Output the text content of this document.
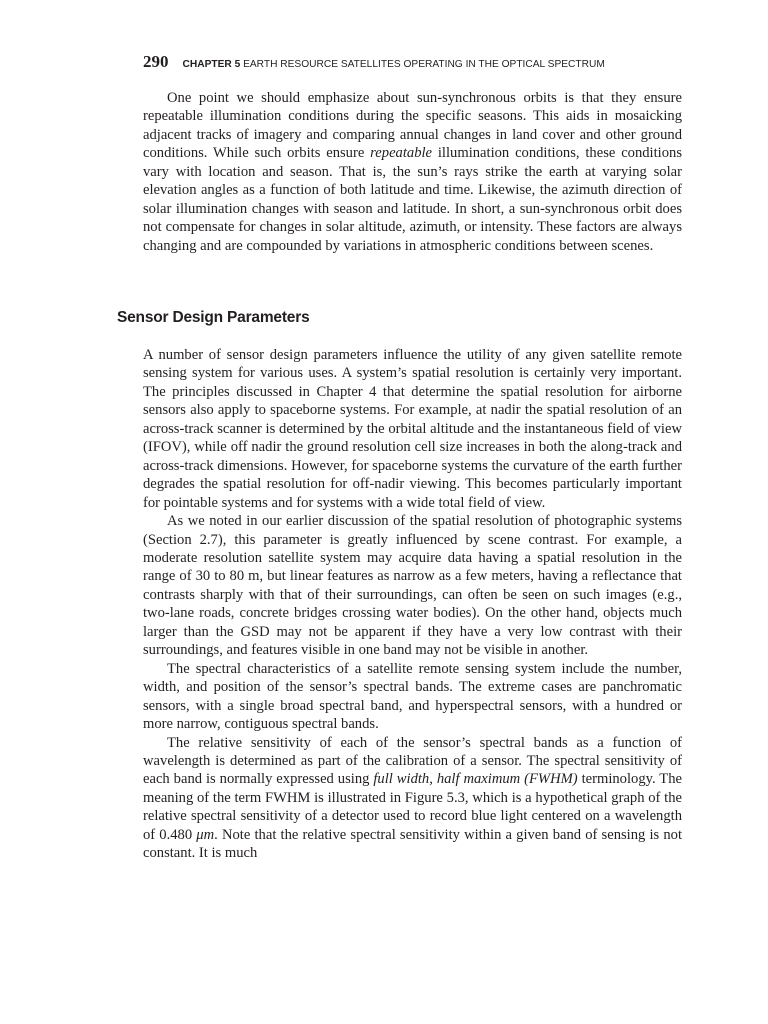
290 CHAPTER 5 EARTH RESOURCE SATELLITES OPERATING IN THE OPTICAL SPECTRUM

One point we should emphasize about sun-synchronous orbits is that they ensure repeatable illumination conditions during the specific seasons. This aids in mosaicking adjacent tracks of imagery and comparing annual changes in land cover and other ground conditions. While such orbits ensure repeatable illumination conditions, these conditions vary with location and season. That is, the sun’s rays strike the earth at varying solar elevation angles as a function of both latitude and time. Likewise, the azimuth direction of solar illumination changes with season and latitude. In short, a sun-synchronous orbit does not compensate for changes in solar altitude, azimuth, or intensity. These factors are always changing and are compounded by variations in atmospheric conditions between scenes.

Sensor Design Parameters

A number of sensor design parameters influence the utility of any given satellite remote sensing system for various uses. A system’s spatial resolution is certainly very important. The principles discussed in Chapter 4 that determine the spatial resolution for airborne sensors also apply to spaceborne systems. For example, at nadir the spatial resolution of an across-track scanner is determined by the orbital altitude and the instantaneous field of view (IFOV), while off nadir the ground resolution cell size increases in both the along-track and across-track dimensions. However, for spaceborne systems the curvature of the earth further degrades the spatial resolution for off-nadir viewing. This becomes particularly important for pointable systems and for systems with a wide total field of view.

As we noted in our earlier discussion of the spatial resolution of photographic systems (Section 2.7), this parameter is greatly influenced by scene contrast. For example, a moderate resolution satellite system may acquire data having a spatial resolution in the range of 30 to 80 m, but linear features as narrow as a few meters, having a reflectance that contrasts sharply with that of their surroundings, can often be seen on such images (e.g., two-lane roads, concrete bridges crossing water bodies). On the other hand, objects much larger than the GSD may not be apparent if they have a very low contrast with their surroundings, and features visible in one band may not be visible in another.

The spectral characteristics of a satellite remote sensing system include the number, width, and position of the sensor’s spectral bands. The extreme cases are panchromatic sensors, with a single broad spectral band, and hyperspectral sensors, with a hundred or more narrow, contiguous spectral bands.

The relative sensitivity of each of the sensor’s spectral bands as a function of wavelength is determined as part of the calibration of a sensor. The spectral sensitivity of each band is normally expressed using full width, half maximum (FWHM) terminology. The meaning of the term FWHM is illustrated in Figure 5.3, which is a hypothetical graph of the relative spectral sensitivity of a detector used to record blue light centered on a wavelength of 0.480 μm. Note that the relative spectral sensitivity within a given band of sensing is not constant. It is much
